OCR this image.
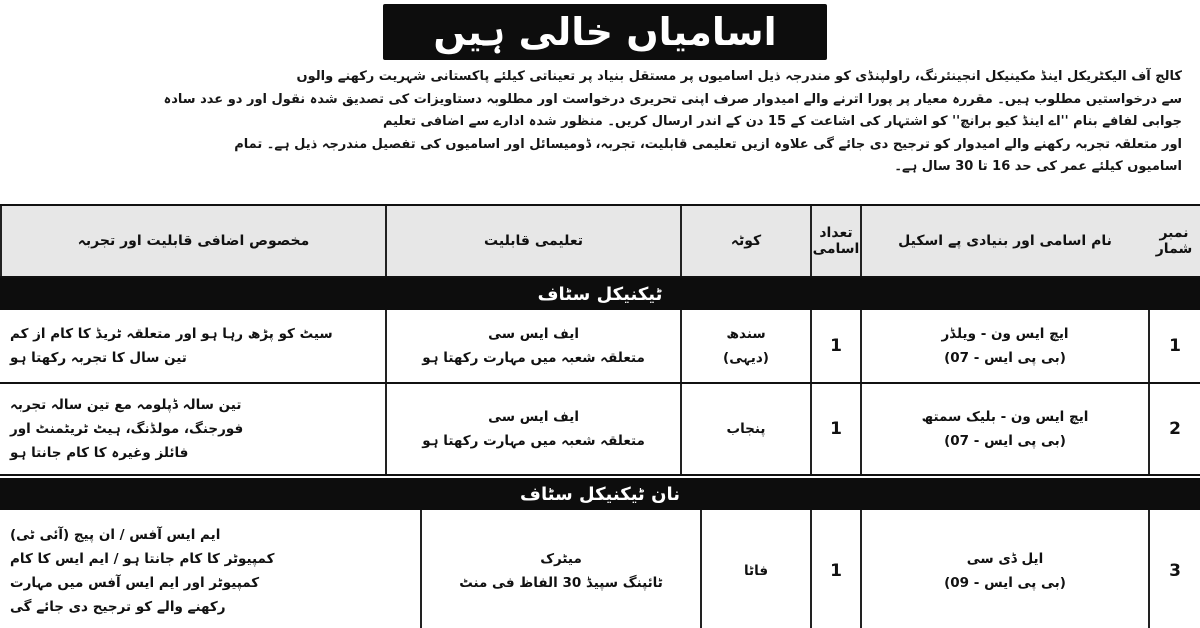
اسامیاں خالی ہیں

کالج آف الیکٹریکل اینڈ مکینیکل انجینئرنگ، راولپنڈی کو مندرجہ ذیل اسامیوں پر مستقل بنیاد پر تعیناتی کیلئے پاکستانی شہریت رکھنے والوں

سے درخواستیں مطلوب ہیں۔ مقررہ معیار پر پورا اترنے والے امیدوار صرف اپنی تحریری درخواست اور مطلوبہ دستاویزات کی تصدیق شدہ نقول اور دو عدد سادہ

جوابی لفافے بنام ''اے اینڈ کیو برانچ'' کو اشتہار کی اشاعت کے 15 دن کے اندر ارسال کریں۔ منظور شدہ ادارے سے اضافی تعلیم

اور متعلقہ تجربہ رکھنے والے امیدوار کو ترجیح دی جائے گی علاوہ ازیں تعلیمی قابلیت، تجربہ، ڈومیسائل اور اسامیوں کی تفصیل مندرجہ ذیل ہے۔ تمام

اسامیوں کیلئے عمر کی حد 16 تا 30 سال ہے۔

نمبر شمار
نام اسامی اور بنیادی پے اسکیل
تعداد اسامی
کوٹہ
تعلیمی قابلیت
مخصوص اضافی قابلیت اور تجربہ
ٹیکنیکل سٹاف
1
ایچ ایس ون - ویلڈر
(بی پی ایس - 07)
1
سندھ
(دیہی)
ایف ایس سی
متعلقہ شعبہ میں مہارت رکھتا ہو
سیٹ کو پڑھ رہا ہو اور متعلقہ ٹریڈ کا کام از کم
تین سال کا تجربہ رکھتا ہو
2
ایچ ایس ون - بلیک سمتھ
(بی پی ایس - 07)
1
پنجاب
ایف ایس سی
متعلقہ شعبہ میں مہارت رکھتا ہو
تین سالہ ڈپلومہ مع تین سالہ تجربہ
فورجنگ، مولڈنگ، ہیٹ ٹریٹمنٹ اور
فائلز وغیرہ کا کام جانتا ہو
نان ٹیکنیکل سٹاف
3
ایل ڈی سی
(بی پی ایس - 09)
1
فاٹا
میٹرک
ٹائپنگ سپیڈ 30 الفاظ فی منٹ
ایم ایس آفس / ان پیج (آئی ٹی)
کمپیوٹر کا کام جانتا ہو / ایم ایس کا کام
کمپیوٹر اور ایم ایس آفس میں مہارت
رکھنے والے کو ترجیح دی جائے گی
